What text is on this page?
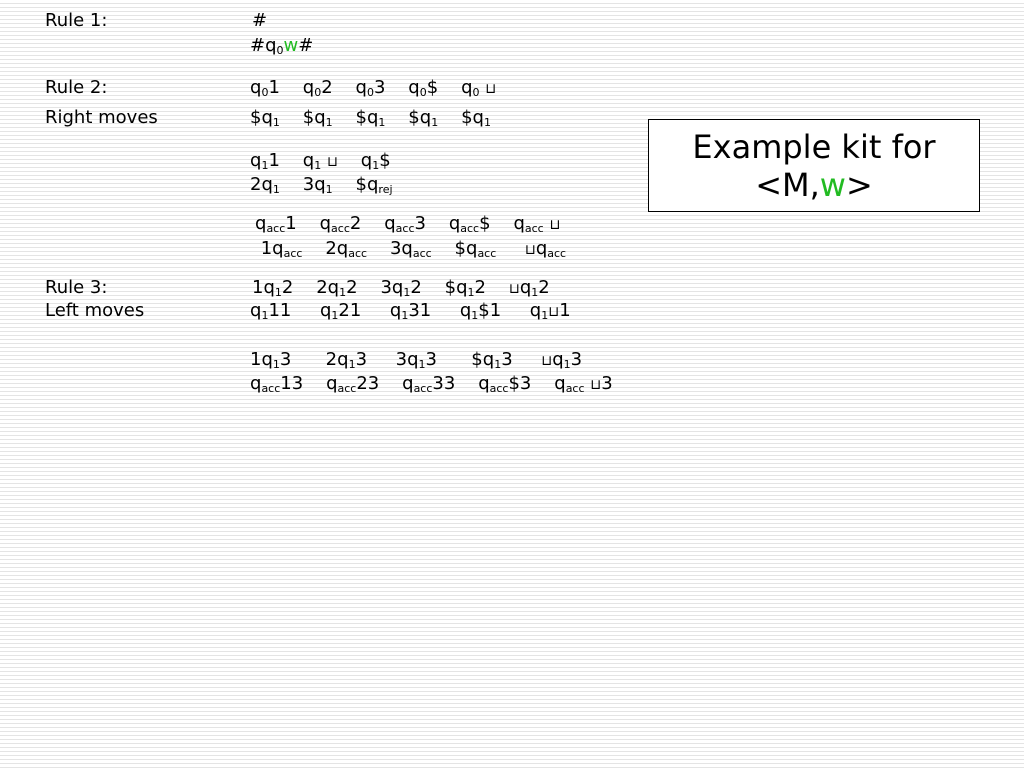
Rule 1:
Rule 2:
Right moves
Rule 3:
Left moves
#
$\#q_0w\#$
$q_01$    $q_02$    $q_03$    $q_0\$$    $q_0$ ⊔
$\$q_1$    $\$q_1$    $\$q_1$    $\$q_1$    $\$q_1$
$q_11$    $q_1$ ⊔    $q_1\$$
$2q_1$    $3q_1$    $\$q_{rej}$
$q_{acc}1$    $q_{acc}2$    $q_{acc}3$    $q_{acc}\$$    $q_{acc}$ ⊔
$1q_{acc}$    $2q_{acc}$    $3q_{acc}$    $\$q_{acc}$ $⊔q_{acc}$
$1q_12$    $2q_12$    $3q_12$    $\$q_12$    $⊔q_12$
$q_111$     $q_121$     $q_131$     $q_1\$1$     $q_1⊔1$
$1q_13$      $2q_13$     $3q_13$      $\$q_13$     $⊔q_13$
$q_{acc}13$    $q_{acc}23$    $q_{acc}33$    $q_{acc}\$3$    $q_{acc}$ ⊔3
Example kit for
<M,w>
